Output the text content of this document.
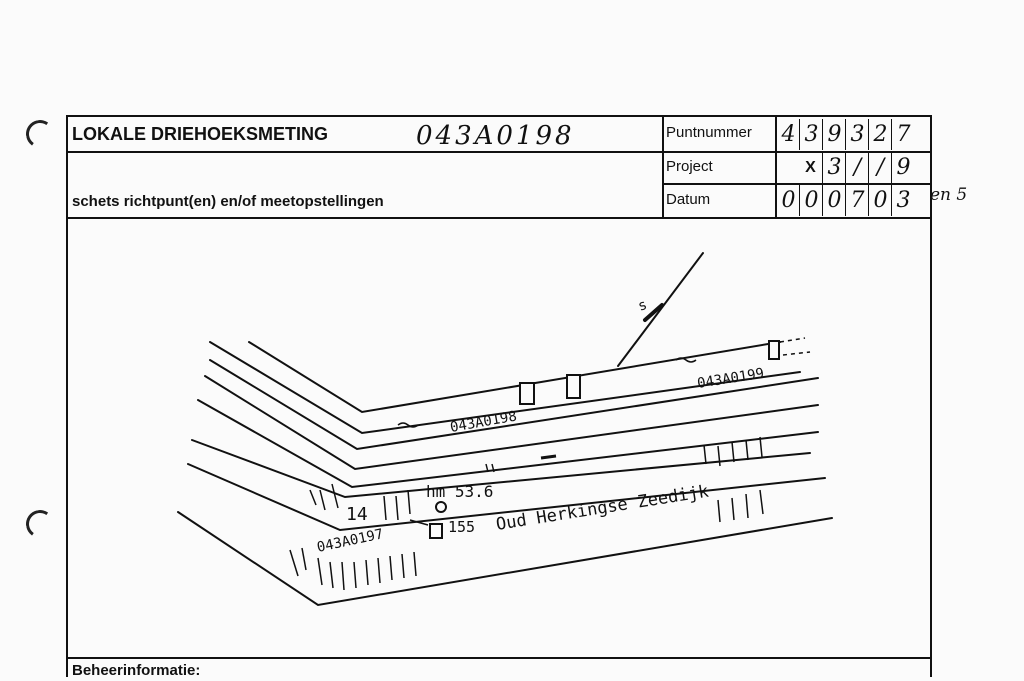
LOKALE DRIEHOEKSMETING	043A0198
schets richtpunt(en) en/of meetopstellingen
Puntnummer
Project
Datum
4 3 9 3 2 7
X 3 / / 9
0 0 0 7 0 3
Beheerinformatie:
en 5
s
043A0199
043A0198
043A0197
hm 53.6
14
155 Oud Herkingse Zeedijk
